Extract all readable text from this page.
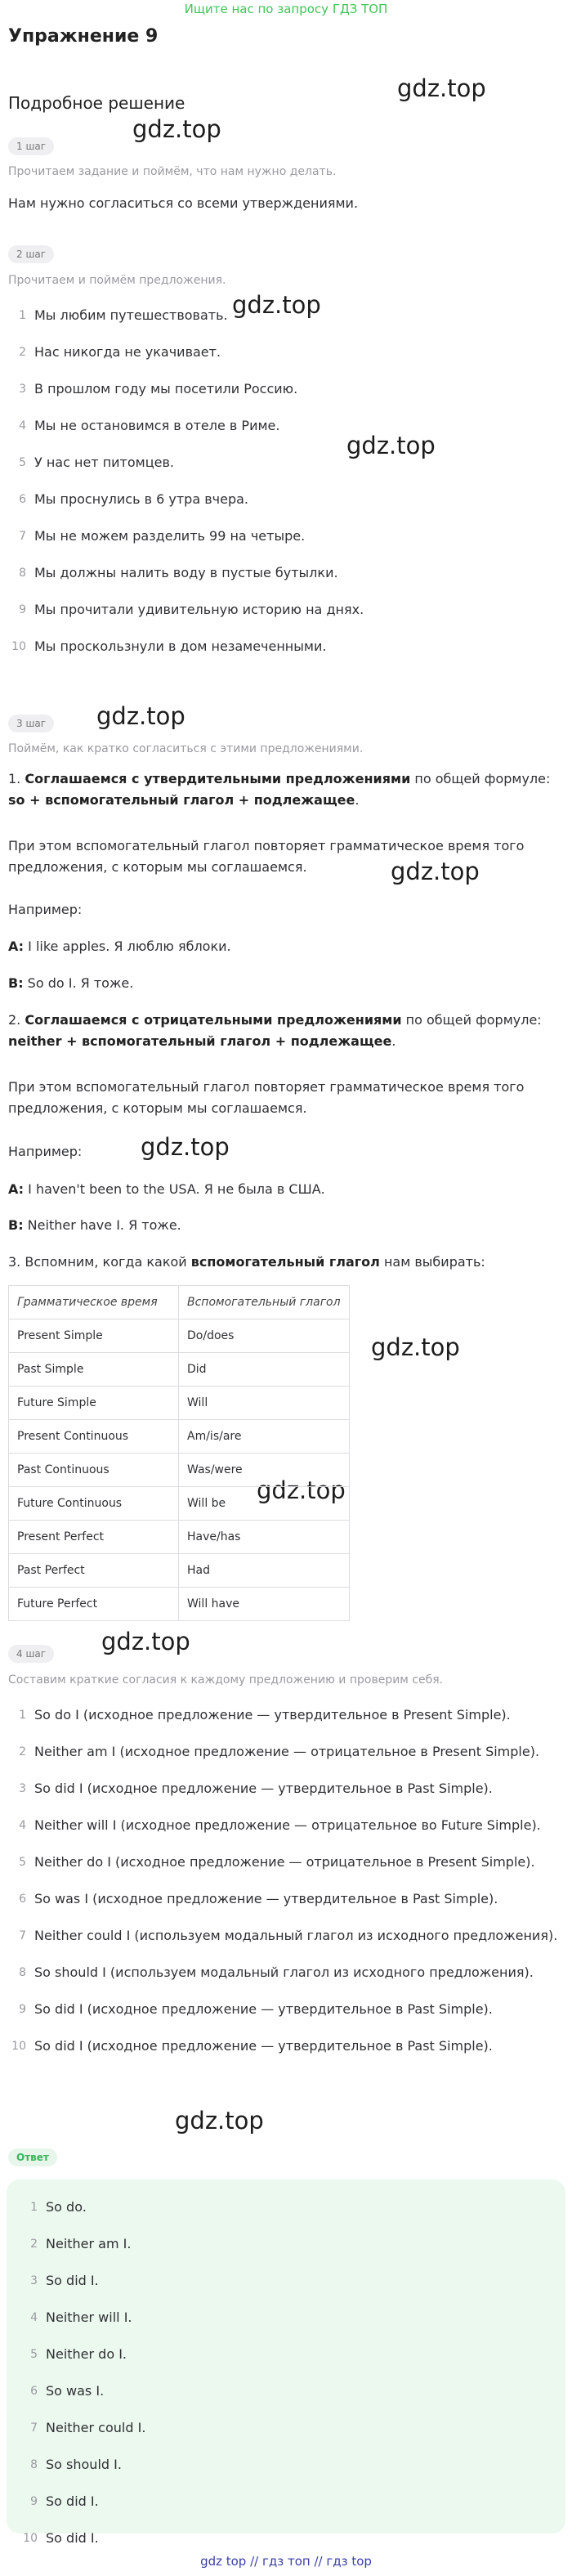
Ищите нас по запросу ГДЗ ТОП
Упражнение 9
Подробное решение
gdz.top
gdz.top
gdz.top
gdz.top
gdz.top
gdz.top
gdz.top
gdz.top
gdz.top
gdz.top
gdz.top
1 шаг
Прочитаем задание и поймём, что нам нужно делать.
Нам нужно согласиться со всеми утверждениями.
2 шаг
Прочитаем и поймём предложения.
1 Мы любим путешествовать.
2 Нас никогда не укачивает.
3 В прошлом году мы посетили Россию.
4 Мы не остановимся в отеле в Риме.
5 У нас нет питомцев.
6 Мы проснулись в 6 утра вчера.
7 Мы не можем разделить 99 на четыре.
8 Мы должны налить воду в пустые бутылки.
9 Мы прочитали удивительную историю на днях.
10 Мы проскользнули в дом незамеченными.
3 шаг
Поймём, как кратко согласиться с этими предложениями.
1. Соглашаемся с утвердительными предложениями по общей формуле: so + вспомогательный глагол + подлежащее.
При этом вспомогательный глагол повторяет грамматическое время того предложения, с которым мы соглашаемся.
Например:
A: I like apples. Я люблю яблоки.
B: So do I. Я тоже.
2. Соглашаемся с отрицательными предложениями по общей формуле:
neither + вспомогательный глагол + подлежащее.
При этом вспомогательный глагол повторяет грамматическое время того предложения, с которым мы соглашаемся.
Например:
A: I haven't been to the USA. Я не была в США.
B: Neither have I. Я тоже.
3. Вспомним, когда какой вспомогательный глагол нам выбирать:
Грамматическое время	Вспомогательный глагол
Present Simple	Do/does
Past Simple	Did
Future Simple	Will
Present Continuous	Am/is/are
Past Continuous	Was/were
Future Continuous	Will be
Present Perfect	Have/has
Past Perfect	Had
Future Perfect	Will have
4 шаг
Составим краткие согласия к каждому предложению и проверим себя.
1 So do I (исходное предложение — утвердительное в Present Simple).
2 Neither am I (исходное предложение — отрицательное в Present Simple).
3 So did I (исходное предложение — утвердительное в Past Simple).
4 Neither will I (исходное предложение — отрицательное во Future Simple).
5 Neither do I (исходное предложение — отрицательное в Present Simple).
6 So was I (исходное предложение — утвердительное в Past Simple).
7 Neither could I (используем модальный глагол из исходного предложения).
8 So should I (используем модальный глагол из исходного предложения).
9 So did I (исходное предложение — утвердительное в Past Simple).
10 So did I (исходное предложение — утвердительное в Past Simple).
Ответ
1 So do.
2 Neither am I.
3 So did I.
4 Neither will I.
5 Neither do I.
6 So was I.
7 Neither could I.
8 So should I.
9 So did I.
10 So did I.
gdz top // гдз топ // гдз top
